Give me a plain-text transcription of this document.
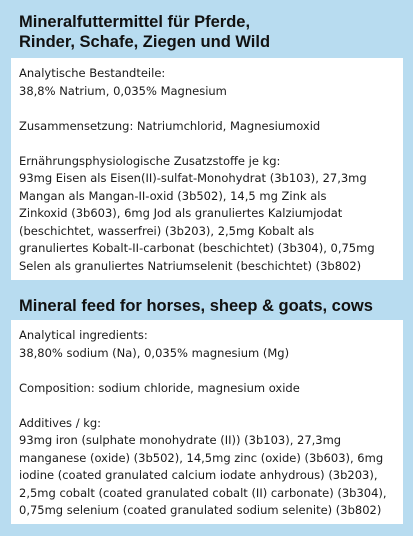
Mineralfuttermittel für Pferde,
Rinder, Schafe, Ziegen und Wild

Analytische Bestandteile:
38,8% Natrium, 0,035% Magnesium

Zusammensetzung: Natriumchlorid, Magnesiumoxid

Ernährungsphysiologische Zusatzstoffe je kg:
93mg Eisen als Eisen(II)-sulfat-Monohydrat (3b103), 27,3mg
Mangan als Mangan-II-oxid (3b502), 14,5 mg Zink als
Zinkoxid (3b603), 6mg Jod als granuliertes Kalziumjodat
(beschichtet, wasserfrei) (3b203), 2,5mg Kobalt als
granuliertes Kobalt-II-carbonat (beschichtet) (3b304), 0,75mg
Selen als granuliertes Natriumselenit (beschichtet) (3b802)

Mineral feed for horses, sheep & goats, cows

Analytical ingredients:
38,80% sodium (Na), 0,035% magnesium (Mg)

Composition: sodium chloride, magnesium oxide

Additives / kg:
93mg iron (sulphate monohydrate (II)) (3b103), 27,3mg
manganese (oxide) (3b502), 14,5mg zinc (oxide) (3b603), 6mg
iodine (coated granulated calcium iodate anhydrous) (3b203),
2,5mg cobalt (coated granulated cobalt (II) carbonate) (3b304),
0,75mg selenium (coated granulated sodium selenite) (3b802)
